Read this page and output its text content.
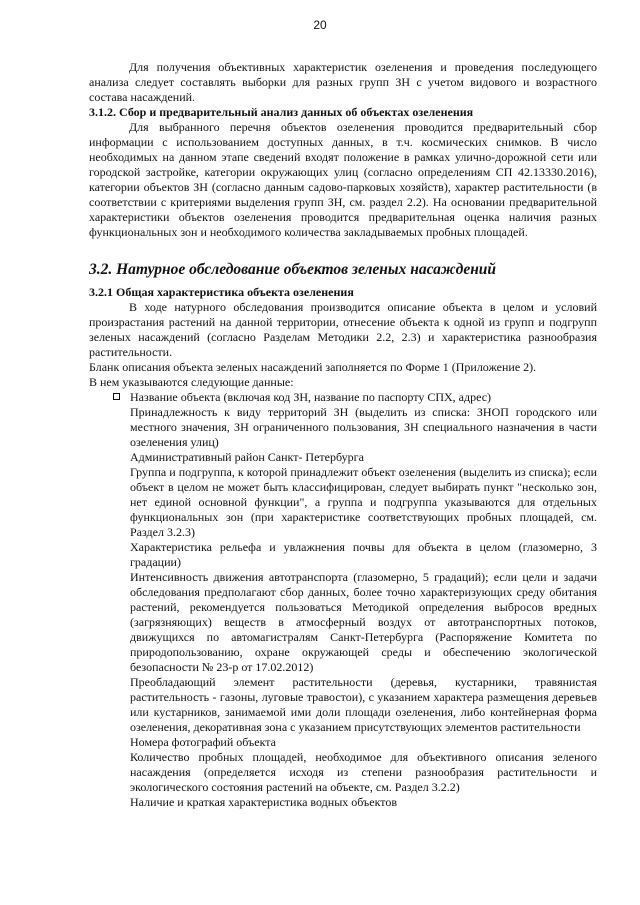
20

Для получения объективных характеристик озеленения и проведения последующего анализа следует составлять выборки для разных групп ЗН с учетом видового и возрастного состава насаждений.

3.1.2. Сбор и предварительный анализ данных об объектах озеленения

Для выбранного перечня объектов озеленения проводится предварительный сбор информации с использованием доступных данных, в т.ч. космических снимков. В число необходимых на данном этапе сведений входят положение в рамках улично-дорожной сети или городской застройке, категории окружающих улиц (согласно определениям СП 42.13330.2016), категории объектов ЗН (согласно данным садово-парковых хозяйств), характер растительности (в соответствии с критериями выделения групп ЗН, см. раздел 2.2). На основании предварительной характеристики объектов озеленения проводится предварительная оценка наличия разных функциональных зон и необходимого количества закладываемых пробных площадей.

3.2. Натурное обследование объектов зеленых насаждений

3.2.1 Общая характеристика объекта озеленения

В ходе натурного обследования производится описание объекта в целом и условий произрастания растений на данной территории, отнесение объекта к одной из групп и подгрупп зеленых насаждений (согласно Разделам Методики 2.2, 2.3) и характеристика разнообразия растительности.

Бланк описания объекта зеленых насаждений заполняется по Форме 1 (Приложение 2).

В нем указываются следующие данные:

Название объекта (включая код ЗН, название по паспорту СПХ, адрес)

Принадлежность к виду территорий ЗН (выделить из списка: ЗНОП городского или местного значения, ЗН ограниченного пользования, ЗН специального назначения в части озеленения улиц)

Административный район Санкт- Петербурга

Группа и подгруппа, к которой принадлежит объект озеленения (выделить из списка); если объект в целом не может быть классифицирован, следует выбирать пункт "несколько зон, нет единой основной функции", а группа и подгруппа указываются для отдельных функциональных зон (при характеристике соответствующих пробных площадей, см. Раздел 3.2.3)

Характеристика рельефа и увлажнения почвы для объекта в целом (глазомерно, 3 градации)

Интенсивность движения автотранспорта (глазомерно, 5 градаций); если цели и задачи обследования предполагают сбор данных, более точно характеризующих среду обитания растений, рекомендуется пользоваться Методикой определения выбросов вредных (загрязняющих) веществ в атмосферный воздух от автотранспортных потоков, движущихся по автомагистралям Санкт-Петербурга (Распоряжение Комитета по природопользованию, охране окружающей среды и обеспечению экологической безопасности № 23-р от 17.02.2012)

Преобладающий элемент растительности (деревья, кустарники, травянистая растительность - газоны, луговые травостои), с указанием характера размещения деревьев или кустарников, занимаемой ими доли площади озеленения, либо контейнерная форма озеленения, декоративная зона с указанием присутствующих элементов растительности

Номера фотографий объекта

Количество пробных площадей, необходимое для объективного описания зеленого насаждения (определяется исходя из степени разнообразия растительности и экологического состояния растений на объекте, см. Раздел 3.2.2)

Наличие и краткая характеристика водных объектов
